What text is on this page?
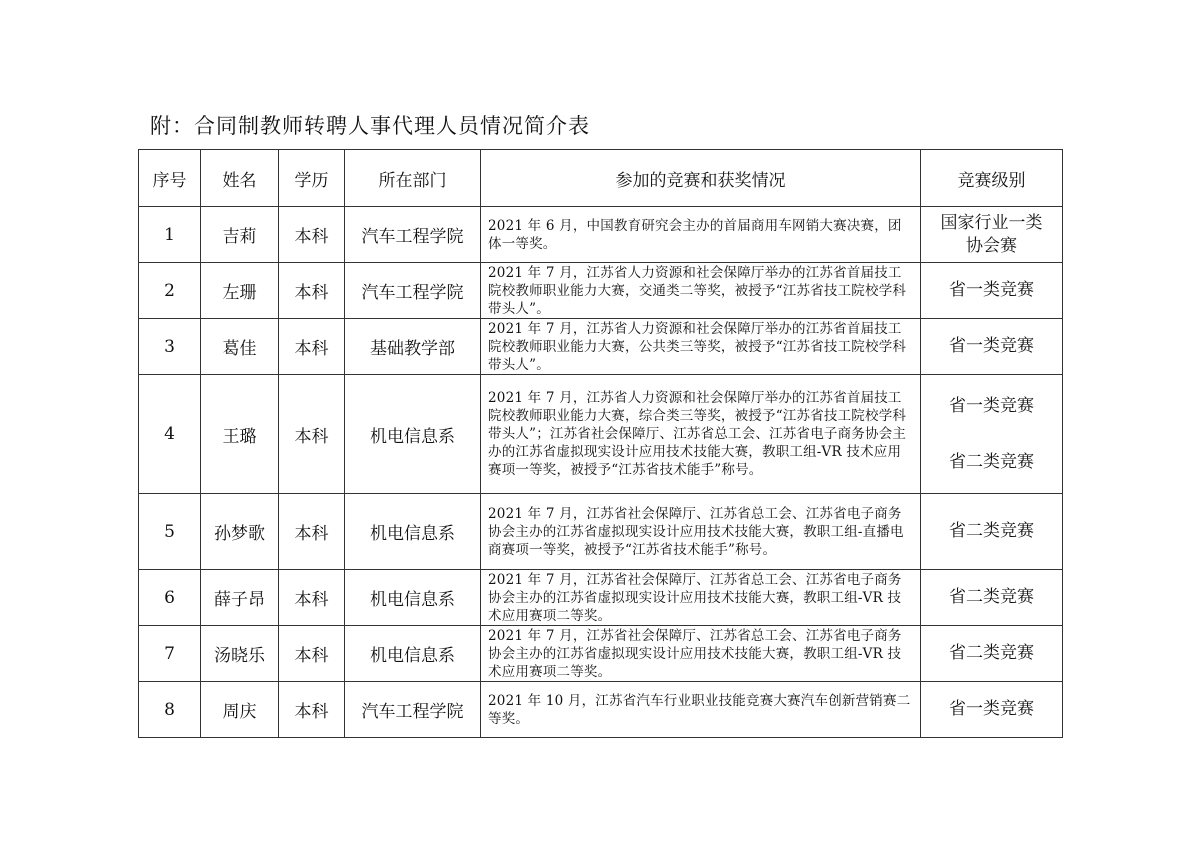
附：合同制教师转聘人事代理人员情况简介表
序号	姓名	学历	所在部门	参加的竞赛和获奖情况	竞赛级别
1	吉莉	本科	汽车工程学院	2021 年 6 月，中国教育研究会主办的首届商用车网销大赛决赛，团体一等奖。	国家行业一类
协会赛

2	左珊	本科	汽车工程学院	2021 年 7 月，江苏省人力资源和社会保障厅举办的江苏省首届技工院校教师职业能力大赛，交通类二等奖，被授予“江苏省技工院校学科带头人”。	省一类竞赛

3	葛佳	本科	基础教学部	2021 年 7 月，江苏省人力资源和社会保障厅举办的江苏省首届技工院校教师职业能力大赛，公共类三等奖，被授予“江苏省技工院校学科带头人”。	省一类竞赛

4	王璐	本科	机电信息系	2021 年 7 月，江苏省人力资源和社会保障厅举办的江苏省首届技工院校教师职业能力大赛，综合类三等奖，被授予“江苏省技工院校学科带头人”；江苏省社会保障厅、江苏省总工会、江苏省电子商务协会主办的江苏省虚拟现实设计应用技术技能大赛，教职工组-VR 技术应用赛项一等奖，被授予“江苏省技术能手”称号。	省一类竞赛
省二类竞赛

5	孙梦歌	本科	机电信息系	2021 年 7 月，江苏省社会保障厅、江苏省总工会、江苏省电子商务协会主办的江苏省虚拟现实设计应用技术技能大赛，教职工组-直播电商赛项一等奖，被授予“江苏省技术能手”称号。	省二类竞赛

6	薛子昂	本科	机电信息系	2021 年 7 月，江苏省社会保障厅、江苏省总工会、江苏省电子商务协会主办的江苏省虚拟现实设计应用技术技能大赛，教职工组-VR 技术应用赛项二等奖。	省二类竞赛

7	汤晓乐	本科	机电信息系	2021 年 7 月，江苏省社会保障厅、江苏省总工会、江苏省电子商务协会主办的江苏省虚拟现实设计应用技术技能大赛，教职工组-VR 技术应用赛项二等奖。	省二类竞赛

8	周庆	本科	汽车工程学院	2021 年 10 月，江苏省汽车行业职业技能竞赛大赛汽车创新营销赛二等奖。	省一类竞赛
